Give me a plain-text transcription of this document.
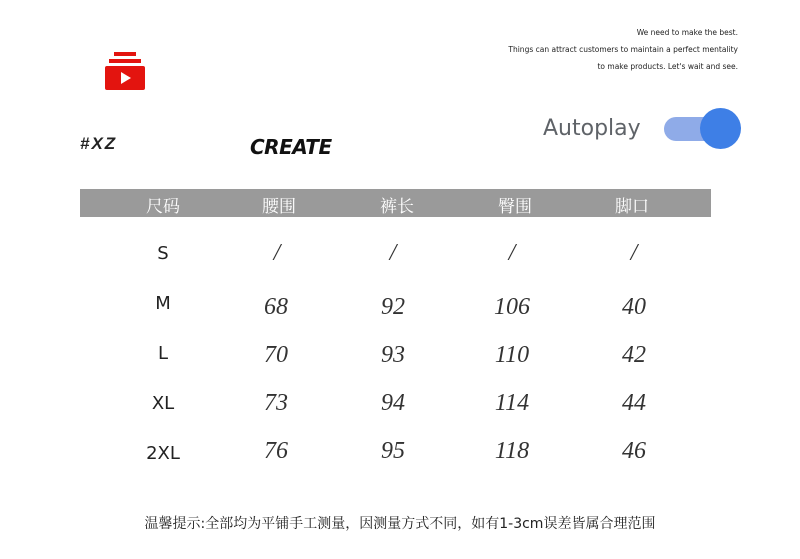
We need to make the best.
Things can attract customers to maintain a perfect mentality
to make products. Let's wait and see.
#XZ	CREATE
Autoplay
尺码	腰围	裤长	臀围	脚口
S	/	/	/	/
M	68	92	106	40
L	70	93	110	42
XL	73	94	114	44
2XL	76	95	118	46
温馨提示:全部均为平铺手工测量，因测量方式不同，如有1-3cm误差皆属合理范围
